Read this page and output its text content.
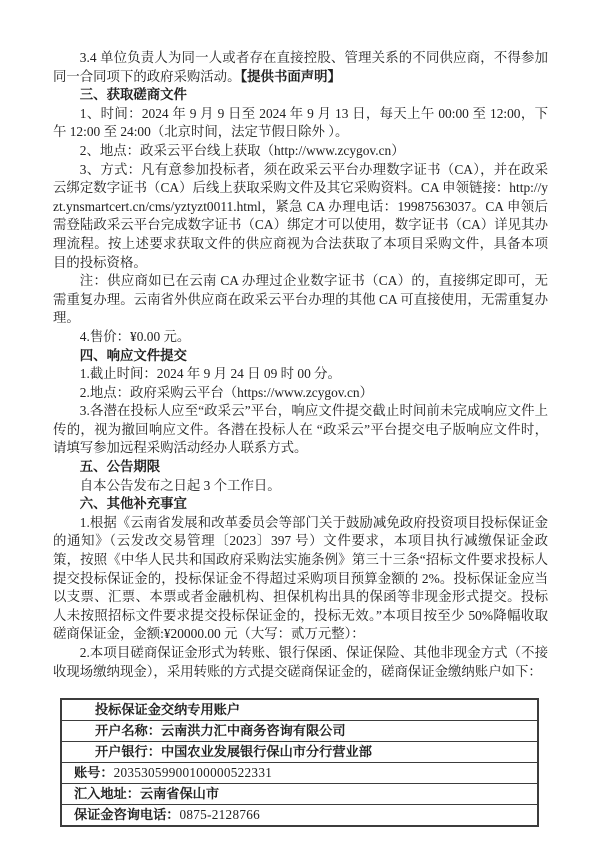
3.4 单位负责人为同一人或者存在直接控股、管理关系的不同供应商，不得参加同一合同项下的政府采购活动。【提供书面声明】

三、获取磋商文件

1、时间：2024 年 9 月 9 日至 2024 年 9 月 13 日，每天上午 00:00 至 12:00，下午 12:00 至 24:00（北京时间，法定节假日除外 ）。

2、地点：政采云平台线上获取（http://www.zcygov.cn）

3、方式：凡有意参加投标者，须在政采云平台办理数字证书（CA），并在政采云绑定数字证书（CA）后线上获取采购文件及其它采购资料。CA 申领链接：http://yzt.ynsmartcert.cn/cms/yztyzt0011.html，紧急 CA 办理电话：19987563037。CA 申领后需登陆政采云平台完成数字证书（CA）绑定才可以使用，数字证书（CA）详见其办理流程。按上述要求获取文件的供应商视为合法获取了本项目采购文件，具备本项目的投标资格。

注：供应商如已在云南 CA 办理过企业数字证书（CA）的，直接绑定即可，无需重复办理。云南省外供应商在政采云平台办理的其他 CA 可直接使用，无需重复办理。

4.售价：¥0.00 元。

四、响应文件提交

1.截止时间：2024 年 9 月 24 日 09 时 00 分。

2.地点：政府采购云平台（https://www.zcygov.cn）

3.各潜在投标人应至“政采云”平台，响应文件提交截止时间前未完成响应文件上传的，视为撤回响应文件。各潜在投标人在 “政采云”平台提交电子版响应文件时，请填写参加远程采购活动经办人联系方式。

五、公告期限

自本公告发布之日起 3 个工作日。

六、其他补充事宜

1.根据《云南省发展和改革委员会等部门关于鼓励减免政府投资项目投标保证金的通知》（云发改交易管理〔2023〕397 号）文件要求，本项目执行减缴保证金政策，按照《中华人民共和国政府采购法实施条例》第三十三条“招标文件要求投标人提交投标保证金的，投标保证金不得超过采购项目预算金额的 2%。投标保证金应当以支票、汇票、本票或者金融机构、担保机构出具的保函等非现金形式提交。投标人未按照招标文件要求提交投标保证金的，投标无效。”本项目按至少 50%降幅收取磋商保证金，金额:¥20000.00 元（大写：贰万元整）：

2.本项目磋商保证金形式为转账、银行保函、保证保险、其他非现金方式（不接收现场缴纳现金），采用转账的方式提交磋商保证金的，磋商保证金缴纳账户如下：

投标保证金交纳专用账户
开户名称：云南洪力汇中商务咨询有限公司
开户银行：中国农业发展银行保山市分行营业部
账号：20353059900100000522331
汇入地址：云南省保山市
保证金咨询电话：0875-2128766
